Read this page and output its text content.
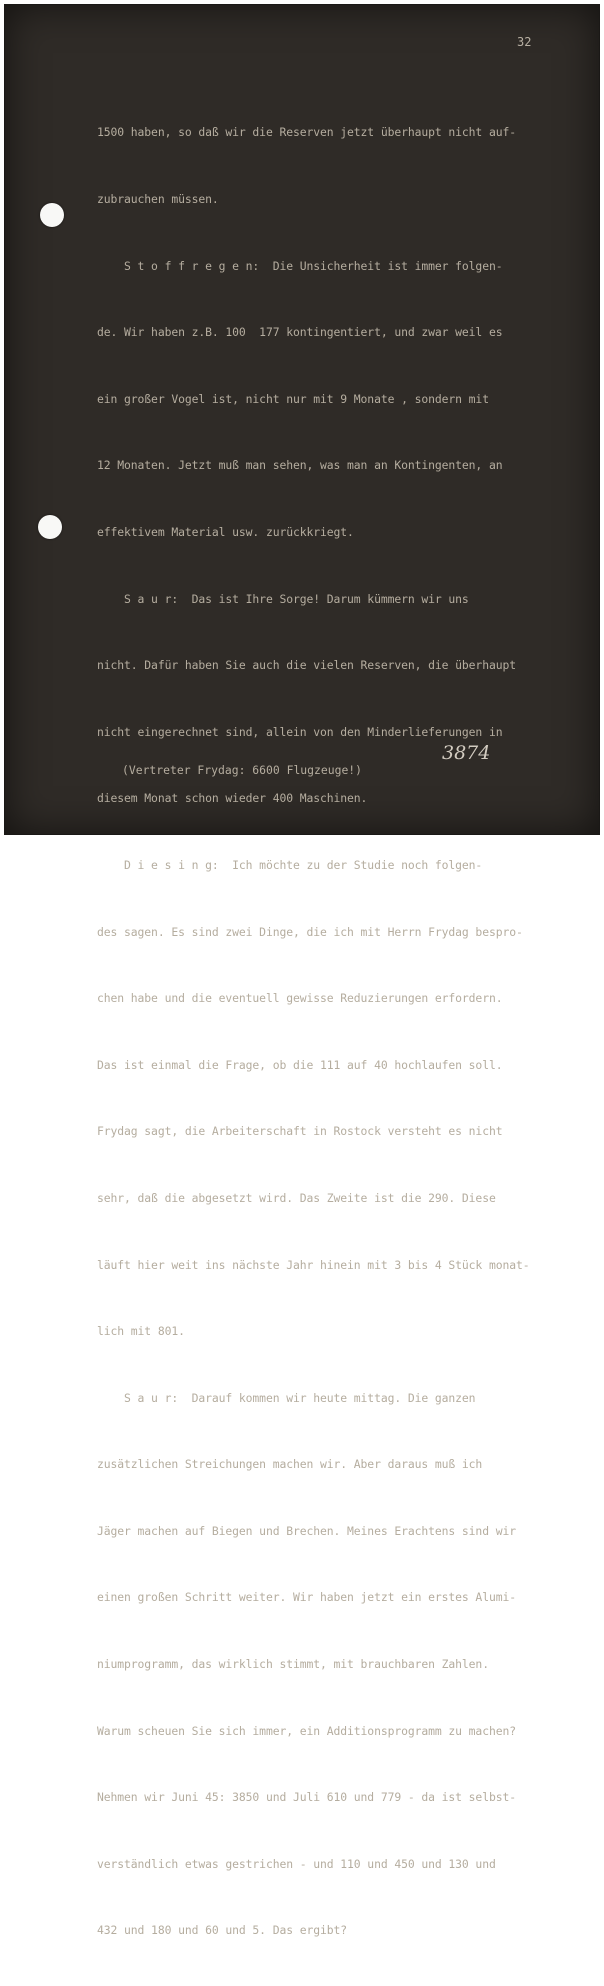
32

1500 haben, so daß wir die Reserven jetzt überhaupt nicht auf-

zubrauchen müssen.

S t o f f r e g e n:  Die Unsicherheit ist immer folgen-

de. Wir haben z.B. 100  177 kontingentiert, und zwar weil es

ein großer Vogel ist, nicht nur mit 9 Monate , sondern mit

12 Monaten. Jetzt muß man sehen, was man an Kontingenten, an

effektivem Material usw. zurückkriegt.

S a u r:  Das ist Ihre Sorge! Darum kümmern wir uns

nicht. Dafür haben Sie auch die vielen Reserven, die überhaupt

nicht eingerechnet sind, allein von den Minderlieferungen in

diesem Monat schon wieder 400 Maschinen.

D i e s i n g:  Ich möchte zu der Studie noch folgen-

des sagen. Es sind zwei Dinge, die ich mit Herrn Frydag bespro-

chen habe und die eventuell gewisse Reduzierungen erfordern.

Das ist einmal die Frage, ob die 111 auf 40 hochlaufen soll.

Frydag sagt, die Arbeiterschaft in Rostock versteht es nicht

sehr, daß die abgesetzt wird. Das Zweite ist die 290. Diese

läuft hier weit ins nächste Jahr hinein mit 3 bis 4 Stück monat-

lich mit 801.

S a u r:  Darauf kommen wir heute mittag. Die ganzen

zusätzlichen Streichungen machen wir. Aber daraus muß ich

Jäger machen auf Biegen und Brechen. Meines Erachtens sind wir

einen großen Schritt weiter. Wir haben jetzt ein erstes Alumi-

niumprogramm, das wirklich stimmt, mit brauchbaren Zahlen.

Warum scheuen Sie sich immer, ein Additionsprogramm zu machen?

Nehmen wir Juni 45: 3850 und Juli 610 und 779 - da ist selbst-

verständlich etwas gestrichen - und 110 und 450 und 130 und

432 und 180 und 60 und 5. Das ergibt?

3874
(Vertreter Frydag: 6600 Flugzeuge!)
